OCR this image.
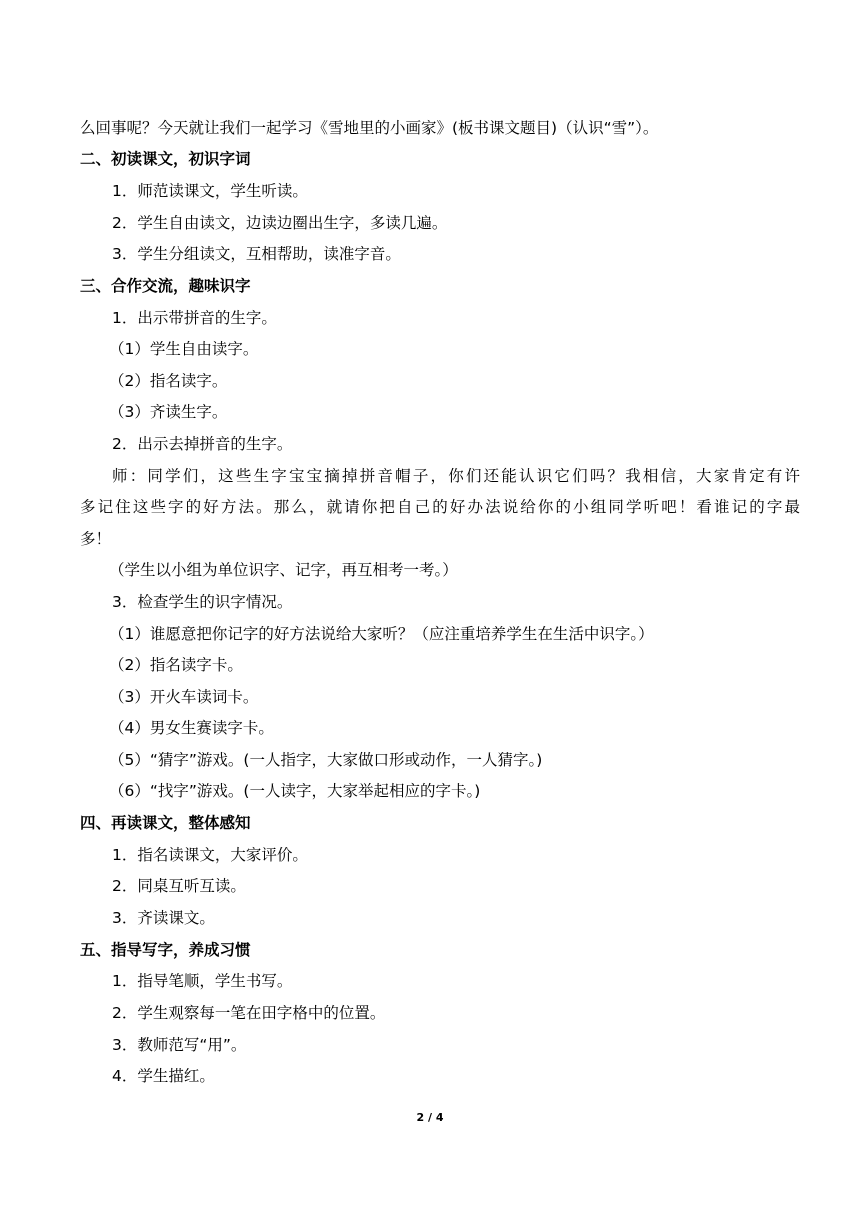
么回事呢？今天就让我们一起学习《雪地里的小画家》(板书课文题目)（认识“雪”）。
二、初读课文，初识字词
1．师范读课文，学生听读。
2．学生自由读文，边读边圈出生字，多读几遍。
3．学生分组读文，互相帮助，读准字音。
三、合作交流，趣味识字
1．出示带拼音的生字。
（1）学生自由读字。
（2）指名读字。
（3）齐读生字。
2．出示去掉拼音的生字。
师：同学们，这些生字宝宝摘掉拼音帽子，你们还能认识它们吗？我相信，大家肯定有许
多记住这些字的好方法。那么，就请你把自己的好办法说给你的小组同学听吧！看谁记的字最
多！
（学生以小组为单位识字、记字，再互相考一考。）
3．检查学生的识字情况。
（1）谁愿意把你记字的好方法说给大家听？（应注重培养学生在生活中识字。）
（2）指名读字卡。
（3）开火车读词卡。
（4）男女生赛读字卡。
（5）“猜字”游戏。(一人指字，大家做口形或动作，一人猜字。)
（6）“找字”游戏。(一人读字，大家举起相应的字卡。)
四、再读课文，整体感知
1．指名读课文，大家评价。
2．同桌互听互读。
3．齐读课文。
五、指导写字，养成习惯
1．指导笔顺，学生书写。
2．学生观察每一笔在田字格中的位置。
3．教师范写“用”。
4．学生描红。
2 / 4
